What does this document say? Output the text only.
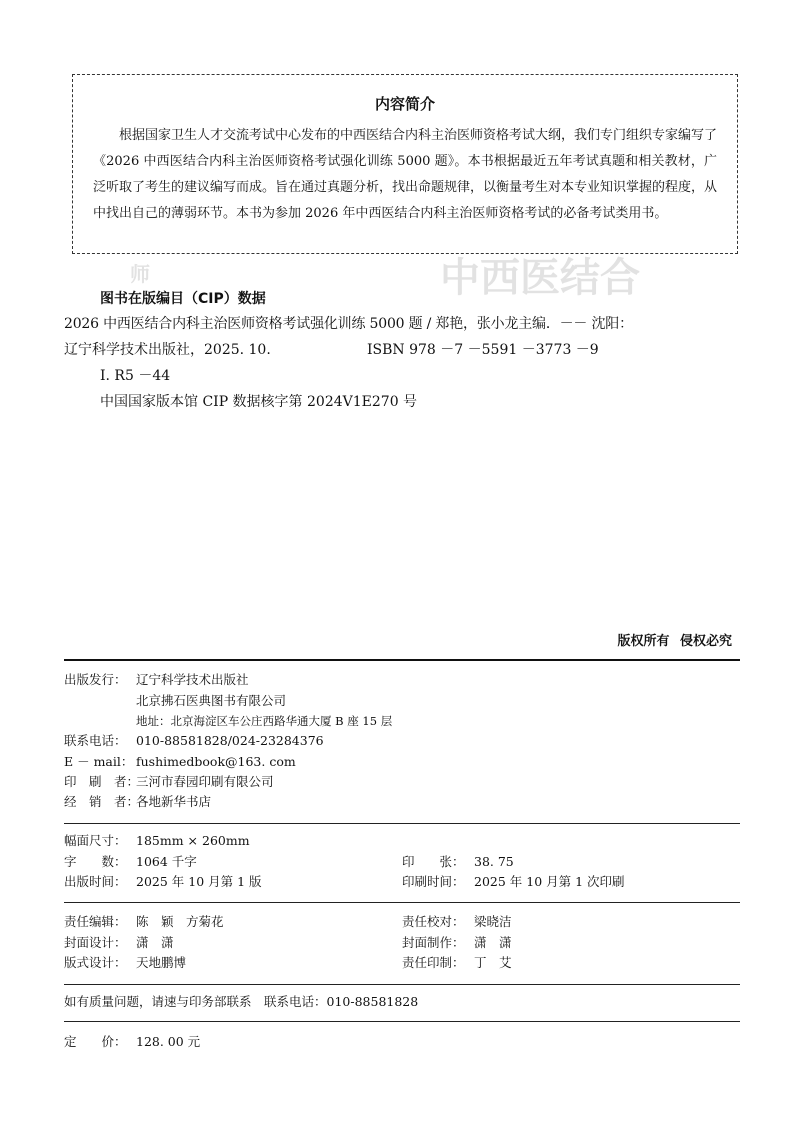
中西医结合
师
内容简介

根据国家卫生人才交流考试中心发布的中西医结合内科主治医师资格考试大纲，我们专门组织专家编写了《2026 中西医结合内科主治医师资格考试强化训练 5000 题》。本书根据最近五年考试真题和相关教材，广泛听取了考生的建议编写而成。旨在通过真题分析，找出命题规律，以衡量考生对本专业知识掌握的程度，从中找出自己的薄弱环节。本书为参加 2026 年中西医结合内科主治医师资格考试的必备考试类用书。

图书在版编目（CIP）数据
2026 中西医结合内科主治医师资格考试强化训练 5000 题 / 郑艳，张小龙主编．－－ 沈阳：
辽宁科学技术出版社，2025. 10.	ISBN 978 －7 －5591 －3773 －9
Ⅰ. R5 －44
中国国家版本馆 CIP 数据核字第 2024V1E270 号
版权所有 侵权必究
出版发行： 辽宁科学技术出版社
北京拂石医典图书有限公司
地址：北京海淀区车公庄西路华通大厦 B 座 15 层
联系电话： 010-88581828/024-23284376
E － mail： fushimedbook@163. com
印　刷　者：
三河市春园印刷有限公司
经　销　者：
各地新华书店
幅面尺寸： 185mm × 260mm
字　　数： 1064 千字	印　　张： 38. 75
出版时间： 2025 年 10 月第 1 版	印刷时间： 2025 年 10 月第 1 次印刷
责任编辑： 陈　颖　方菊花	责任校对： 梁晓洁
封面设计： 潇　潇	封面制作： 潇　潇
版式设计： 天地鹏博	责任印制： 丁　艾
如有质量问题，请速与印务部联系　联系电话：010-88581828
定　　价： 128. 00 元
